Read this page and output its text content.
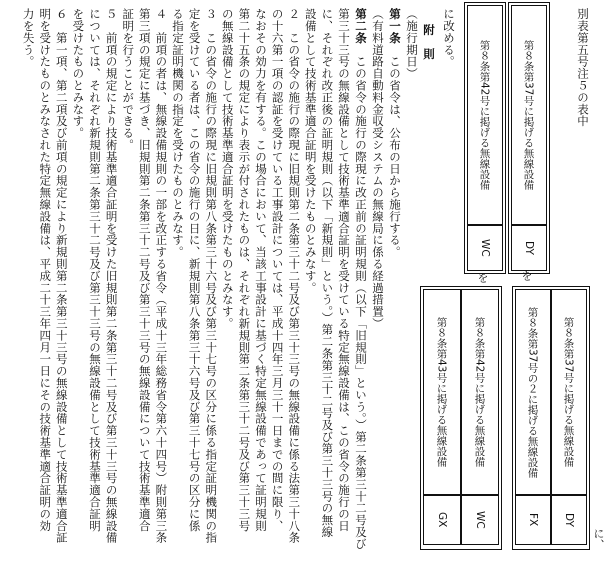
別表第五号注５の表中
第８条第37号に掲げる無線設備
DY
を
第８条第37号に掲げる無線設備
DY
第８条第37号の２に掲げる無線設備
FX
に、
第８条第42号に掲げる無線設備
WC
を
第８条第42号に掲げる無線設備
WC
第８条第43号に掲げる無線設備
GX
に改める。
附　則
（施行期日）
第一条　この省令は、公布の日から施行する。
（有料道路自動料金収受システムの無線局に係る経過措置）
第二条　この省令の施行の際現に改正前の証明規則（以下「旧規則」という。）第二条第三十二号及び
第三十三号の無線設備として技術基準適合証明を受けている特定無線設備は、この省令の施行の日
に、それぞれ改正後の証明規則（以下「新規則」という。）第二条第三十二号及び第三十三号の無線
設備として技術基準適合証明を受けたものとみなす。
２　この省令の施行の際現に旧規則第二条第三十二号及び第三十三号の無線設備に係る法第三十八条
の十六第一項の認証を受けている工事設計については、平成十四年三月三十一日までの間に限り、
なおその効力を有する。この場合において、当該工事設計に基づく特定無線設備であって証明規則
第二十五条の規定により表示が付されたものは、それぞれ新規則第二条第三十二号及び第三十三号
の無線設備として技術基準適合証明を受けたものとみなす。
３　この省令の施行の際現に旧規則第八条第三十六号及び第三十七号の区分に係る指定証明機関の指
定を受けている者は、この省令の施行の日に、新規則第八条第三十六号及び第三十七号の区分に係
る指定証明機関の指定を受けたものとみなす。
４　前項の者は、無線設備規則の一部を改正する省令（平成十三年総務省令第六十四号）附則第三条
第三項の規定に基づき、旧規則第二条第三十二号及び第三十三号の無線設備について技術基準適合
証明を行うことができる。
５　前項の規定により技術基準適合証明を受けた旧規則第二条第三十二号及び第三十三号の無線設備
については、それぞれ新規則第二条第三十二号及び第三十三号の無線設備として技術基準適合証明
を受けたものとみなす。
６　第一項、第二項及び前項の規定により新規則第二条第三十三号の無線設備として技術基準適合証
明を受けたものとみなされた特定無線設備は、平成二十三年四月一日にその技術基準適合証明の効
力を失う。
